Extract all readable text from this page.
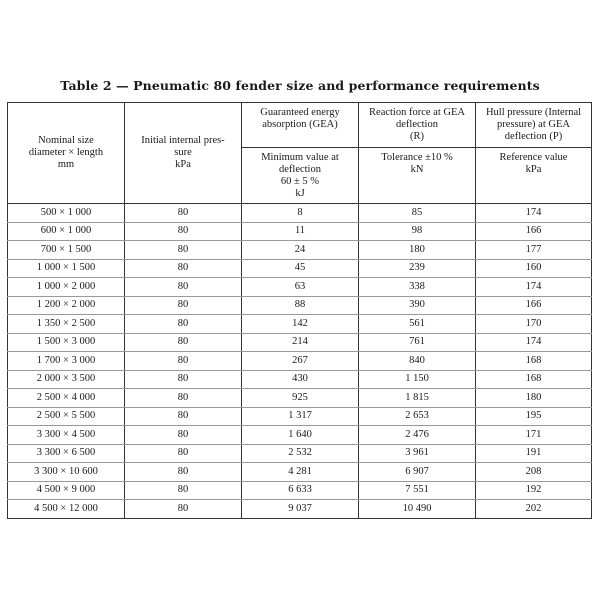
Table 2 — Pneumatic 80 fender size and performance requirements
Nominal size
diameter × length
mm	Initial internal pres-
sure
kPa	Guaranteed energy
absorption (GEA)	Reaction force at GEA
deflection
(R)	Hull pressure (Internal
pressure) at GEA
deflection (P)

		Minimum value at
deflection
60 ± 5 %
kJ	Tolerance ±10 %
kN	Reference value
kPa

500 × 1 000	80	8	85	174
600 × 1 000	80	11	98	166
700 × 1 500	80	24	180	177
1 000 × 1 500	80	45	239	160
1 000 × 2 000	80	63	338	174
1 200 × 2 000	80	88	390	166
1 350 × 2 500	80	142	561	170
1 500 × 3 000	80	214	761	174
1 700 × 3 000	80	267	840	168
2 000 × 3 500	80	430	1 150	168
2 500 × 4 000	80	925	1 815	180
2 500 × 5 500	80	1 317	2 653	195
3 300 × 4 500	80	1 640	2 476	171
3 300 × 6 500	80	2 532	3 961	191
3 300 × 10 600	80	4 281	6 907	208
4 500 × 9 000	80	6 633	7 551	192
4 500 × 12 000	80	9 037	10 490	202
